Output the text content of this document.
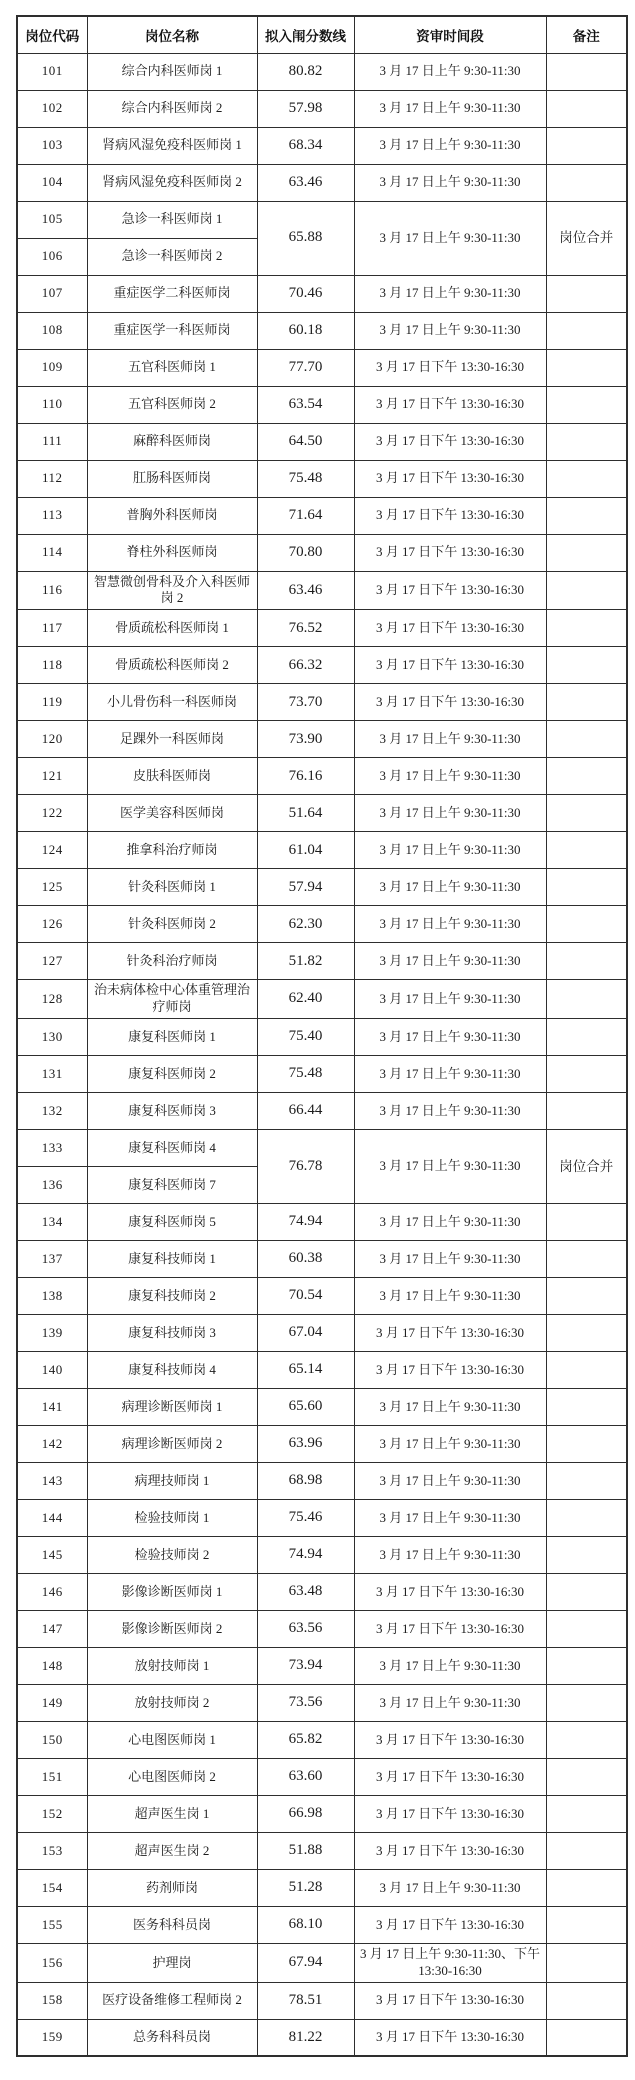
岗位代码	岗位名称	拟入闱分数线	资审时间段	备注
101	综合内科医师岗 1	80.82	3 月 17 日上午 9:30-11:30	
102	综合内科医师岗 2	57.98	3 月 17 日上午 9:30-11:30	
103	肾病风湿免疫科医师岗 1	68.34	3 月 17 日上午 9:30-11:30	
104	肾病风湿免疫科医师岗 2	63.46	3 月 17 日上午 9:30-11:30	
105	急诊一科医师岗 1	65.88	3 月 17 日上午 9:30-11:30	岗位合并
106	急诊一科医师岗 2			
107	重症医学二科医师岗	70.46	3 月 17 日上午 9:30-11:30	
108	重症医学一科医师岗	60.18	3 月 17 日上午 9:30-11:30	
109	五官科医师岗 1	77.70	3 月 17 日下午 13:30-16:30	
110	五官科医师岗 2	63.54	3 月 17 日下午 13:30-16:30	
111	麻醉科医师岗	64.50	3 月 17 日下午 13:30-16:30	
112	肛肠科医师岗	75.48	3 月 17 日下午 13:30-16:30	
113	普胸外科医师岗	71.64	3 月 17 日下午 13:30-16:30	
114	脊柱外科医师岗	70.80	3 月 17 日下午 13:30-16:30	
116	智慧微创骨科及介入科医师岗 2	63.46	3 月 17 日下午 13:30-16:30	
117	骨质疏松科医师岗 1	76.52	3 月 17 日下午 13:30-16:30	
118	骨质疏松科医师岗 2	66.32	3 月 17 日下午 13:30-16:30	
119	小儿骨伤科一科医师岗	73.70	3 月 17 日下午 13:30-16:30	
120	足踝外一科医师岗	73.90	3 月 17 日上午 9:30-11:30	
121	皮肤科医师岗	76.16	3 月 17 日上午 9:30-11:30	
122	医学美容科医师岗	51.64	3 月 17 日上午 9:30-11:30	
124	推拿科治疗师岗	61.04	3 月 17 日上午 9:30-11:30	
125	针灸科医师岗 1	57.94	3 月 17 日上午 9:30-11:30	
126	针灸科医师岗 2	62.30	3 月 17 日上午 9:30-11:30	
127	针灸科治疗师岗	51.82	3 月 17 日上午 9:30-11:30	
128	治未病体检中心体重管理治疗师岗	62.40	3 月 17 日上午 9:30-11:30	
130	康复科医师岗 1	75.40	3 月 17 日上午 9:30-11:30	
131	康复科医师岗 2	75.48	3 月 17 日上午 9:30-11:30	
132	康复科医师岗 3	66.44	3 月 17 日上午 9:30-11:30	
133	康复科医师岗 4	76.78	3 月 17 日上午 9:30-11:30	岗位合并
136	康复科医师岗 7			
134	康复科医师岗 5	74.94	3 月 17 日上午 9:30-11:30	
137	康复科技师岗 1	60.38	3 月 17 日上午 9:30-11:30	
138	康复科技师岗 2	70.54	3 月 17 日上午 9:30-11:30	
139	康复科技师岗 3	67.04	3 月 17 日下午 13:30-16:30	
140	康复科技师岗 4	65.14	3 月 17 日下午 13:30-16:30	
141	病理诊断医师岗 1	65.60	3 月 17 日上午 9:30-11:30	
142	病理诊断医师岗 2	63.96	3 月 17 日上午 9:30-11:30	
143	病理技师岗 1	68.98	3 月 17 日上午 9:30-11:30	
144	检验技师岗 1	75.46	3 月 17 日上午 9:30-11:30	
145	检验技师岗 2	74.94	3 月 17 日上午 9:30-11:30	
146	影像诊断医师岗 1	63.48	3 月 17 日下午 13:30-16:30	
147	影像诊断医师岗 2	63.56	3 月 17 日下午 13:30-16:30	
148	放射技师岗 1	73.94	3 月 17 日上午 9:30-11:30	
149	放射技师岗 2	73.56	3 月 17 日上午 9:30-11:30	
150	心电图医师岗 1	65.82	3 月 17 日下午 13:30-16:30	
151	心电图医师岗 2	63.60	3 月 17 日下午 13:30-16:30	
152	超声医生岗 1	66.98	3 月 17 日下午 13:30-16:30	
153	超声医生岗 2	51.88	3 月 17 日下午 13:30-16:30	
154	药剂师岗	51.28	3 月 17 日上午 9:30-11:30	
155	医务科科员岗	68.10	3 月 17 日下午 13:30-16:30	
156	护理岗	67.94	3 月 17 日上午 9:30-11:30、下午 13:30-16:30	
158	医疗设备维修工程师岗 2	78.51	3 月 17 日下午 13:30-16:30	
159	总务科科员岗	81.22	3 月 17 日下午 13:30-16:30	
